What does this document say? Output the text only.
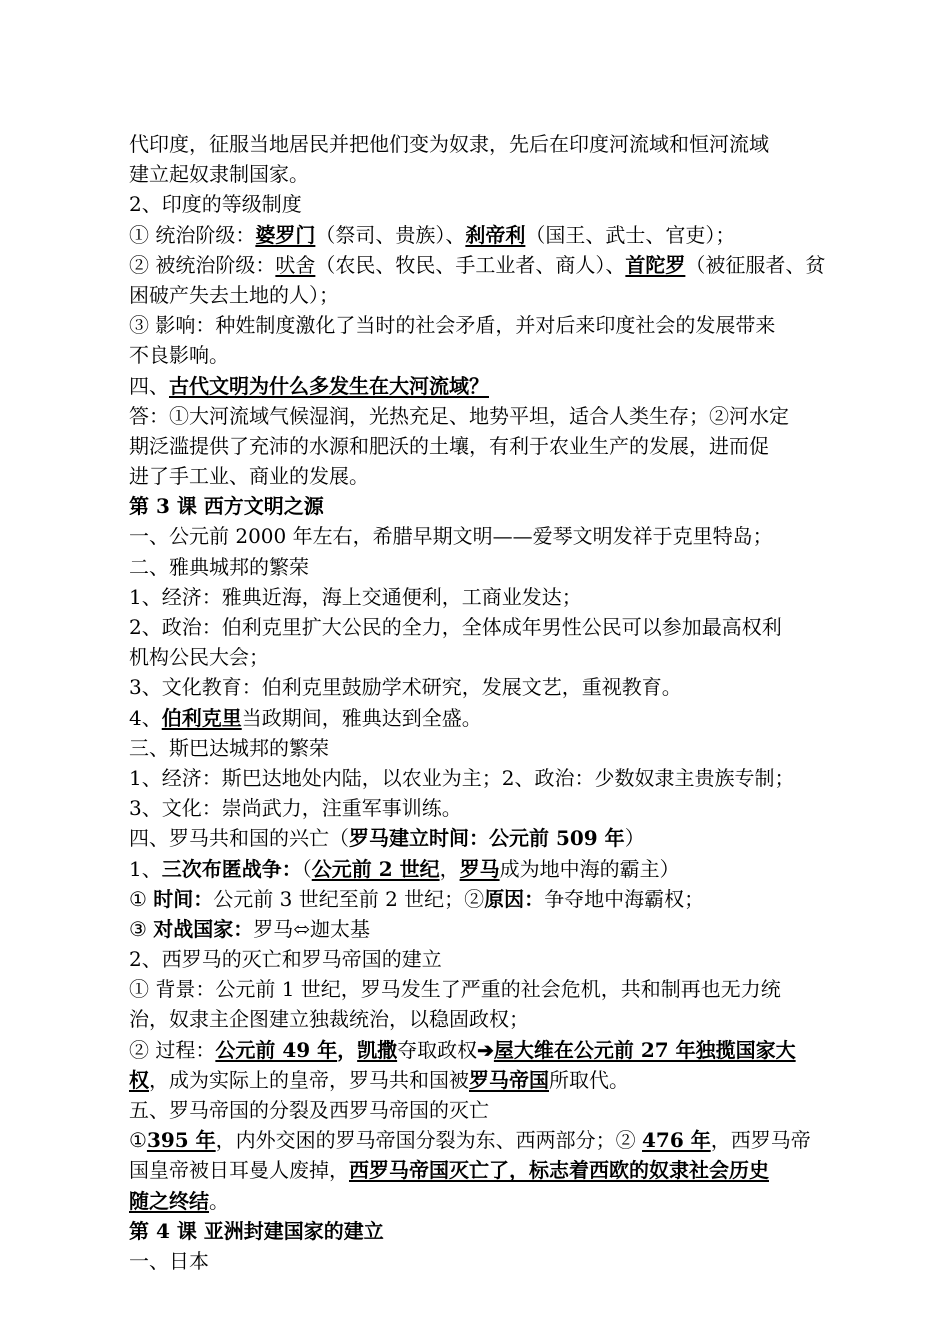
代印度，征服当地居民并把他们变为奴隶，先后在印度河流域和恒河流域
建立起奴隶制国家。
2、印度的等级制度
① 统治阶级：婆罗门（祭司、贵族）、刹帝利（国王、武士、官吏）；
② 被统治阶级：吠舍（农民、牧民、手工业者、商人）、首陀罗（被征服者、贫
困破产失去土地的人）；
③ 影响：种姓制度激化了当时的社会矛盾，并对后来印度社会的发展带来
不良影响。
四、古代文明为什么多发生在大河流域？
答：①大河流域气候湿润，光热充足、地势平坦，适合人类生存；②河水定
期泛滥提供了充沛的水源和肥沃的土壤，有利于农业生产的发展，进而促
进了手工业、商业的发展。
第 3 课 西方文明之源
一、公元前 2000 年左右，希腊早期文明——爱琴文明发祥于克里特岛；
二、雅典城邦的繁荣
1、经济：雅典近海，海上交通便利，工商业发达；
2、政治：伯利克里扩大公民的全力，全体成年男性公民可以参加最高权利
机构公民大会；
3、文化教育：伯利克里鼓励学术研究，发展文艺，重视教育。
4、伯利克里当政期间，雅典达到全盛。
三、斯巴达城邦的繁荣
1、经济：斯巴达地处内陆，以农业为主；2、政治：少数奴隶主贵族专制；
3、文化：崇尚武力，注重军事训练。
四、罗马共和国的兴亡（罗马建立时间：公元前 509 年）
1、三次布匿战争：（公元前 2 世纪，罗马成为地中海的霸主）
① 时间：公元前 3 世纪至前 2 世纪；②原因：争夺地中海霸权；
③ 对战国家：罗马⬄迦太基
2、西罗马的灭亡和罗马帝国的建立
① 背景：公元前 1 世纪，罗马发生了严重的社会危机，共和制再也无力统
治，奴隶主企图建立独裁统治，以稳固政权；
② 过程：公元前 49 年，凯撒夺取政权➔屋大维在公元前 27 年独揽国家大
权，成为实际上的皇帝，罗马共和国被罗马帝国所取代。
五、罗马帝国的分裂及西罗马帝国的灭亡
①395 年，内外交困的罗马帝国分裂为东、西两部分；② 476 年，西罗马帝
国皇帝被日耳曼人废掉，西罗马帝国灭亡了，标志着西欧的奴隶社会历史
随之终结。
第 4 课 亚洲封建国家的建立
一、日本
